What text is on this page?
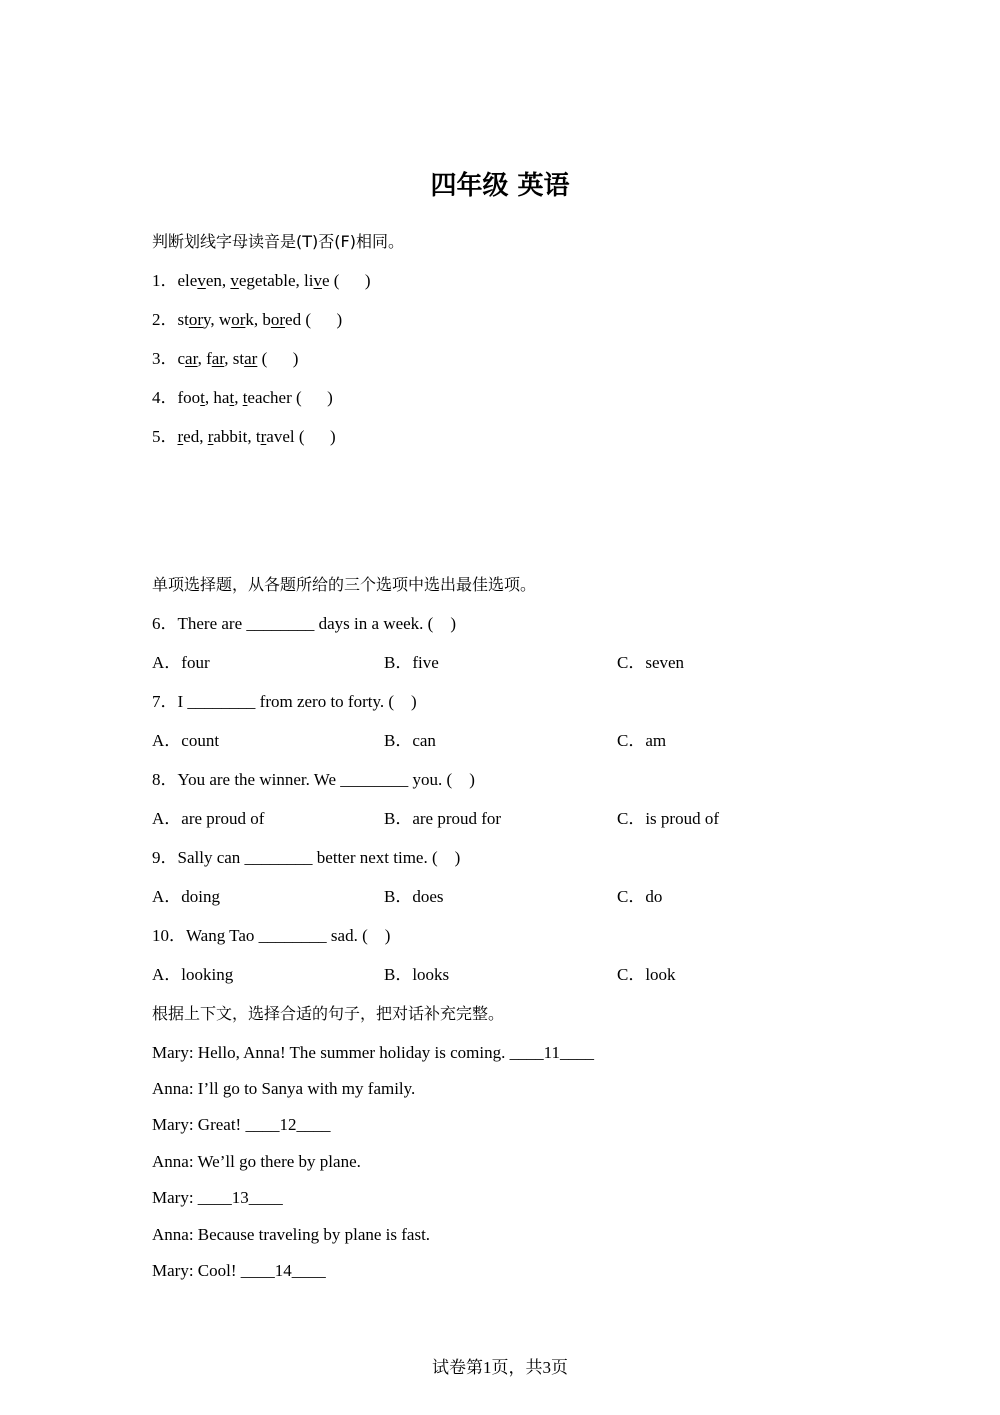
四年级 英语
判断划线字母读音是(T)否(F)相同。
1．eleven, vegetable, live (      )
2．story, work, bored (      )
3．car, far, star (      )
4．foot, hat, teacher (      )
5．red, rabbit, travel (      )
单项选择题，从各题所给的三个选项中选出最佳选项。
6．There are ________ days in a week. (    )
A．four	B．five	C．seven
7．I ________ from zero to forty. (    )
A．count	B．can	C．am
8．You are the winner. We ________ you. (    )
A．are proud of	B．are proud for	C．is proud of
9．Sally can ________ better next time. (    )
A．doing	B．does	C．do
10．Wang Tao ________ sad. (    )
A．looking	B．looks	C．look
根据上下文，选择合适的句子，把对话补充完整。
Mary: Hello, Anna! The summer holiday is coming. ____11____
Anna: I’ll go to Sanya with my family.
Mary: Great! ____12____
Anna: We’ll go there by plane.
Mary: ____13____
Anna: Because traveling by plane is fast.
Mary: Cool! ____14____
试卷第1页，共3页
